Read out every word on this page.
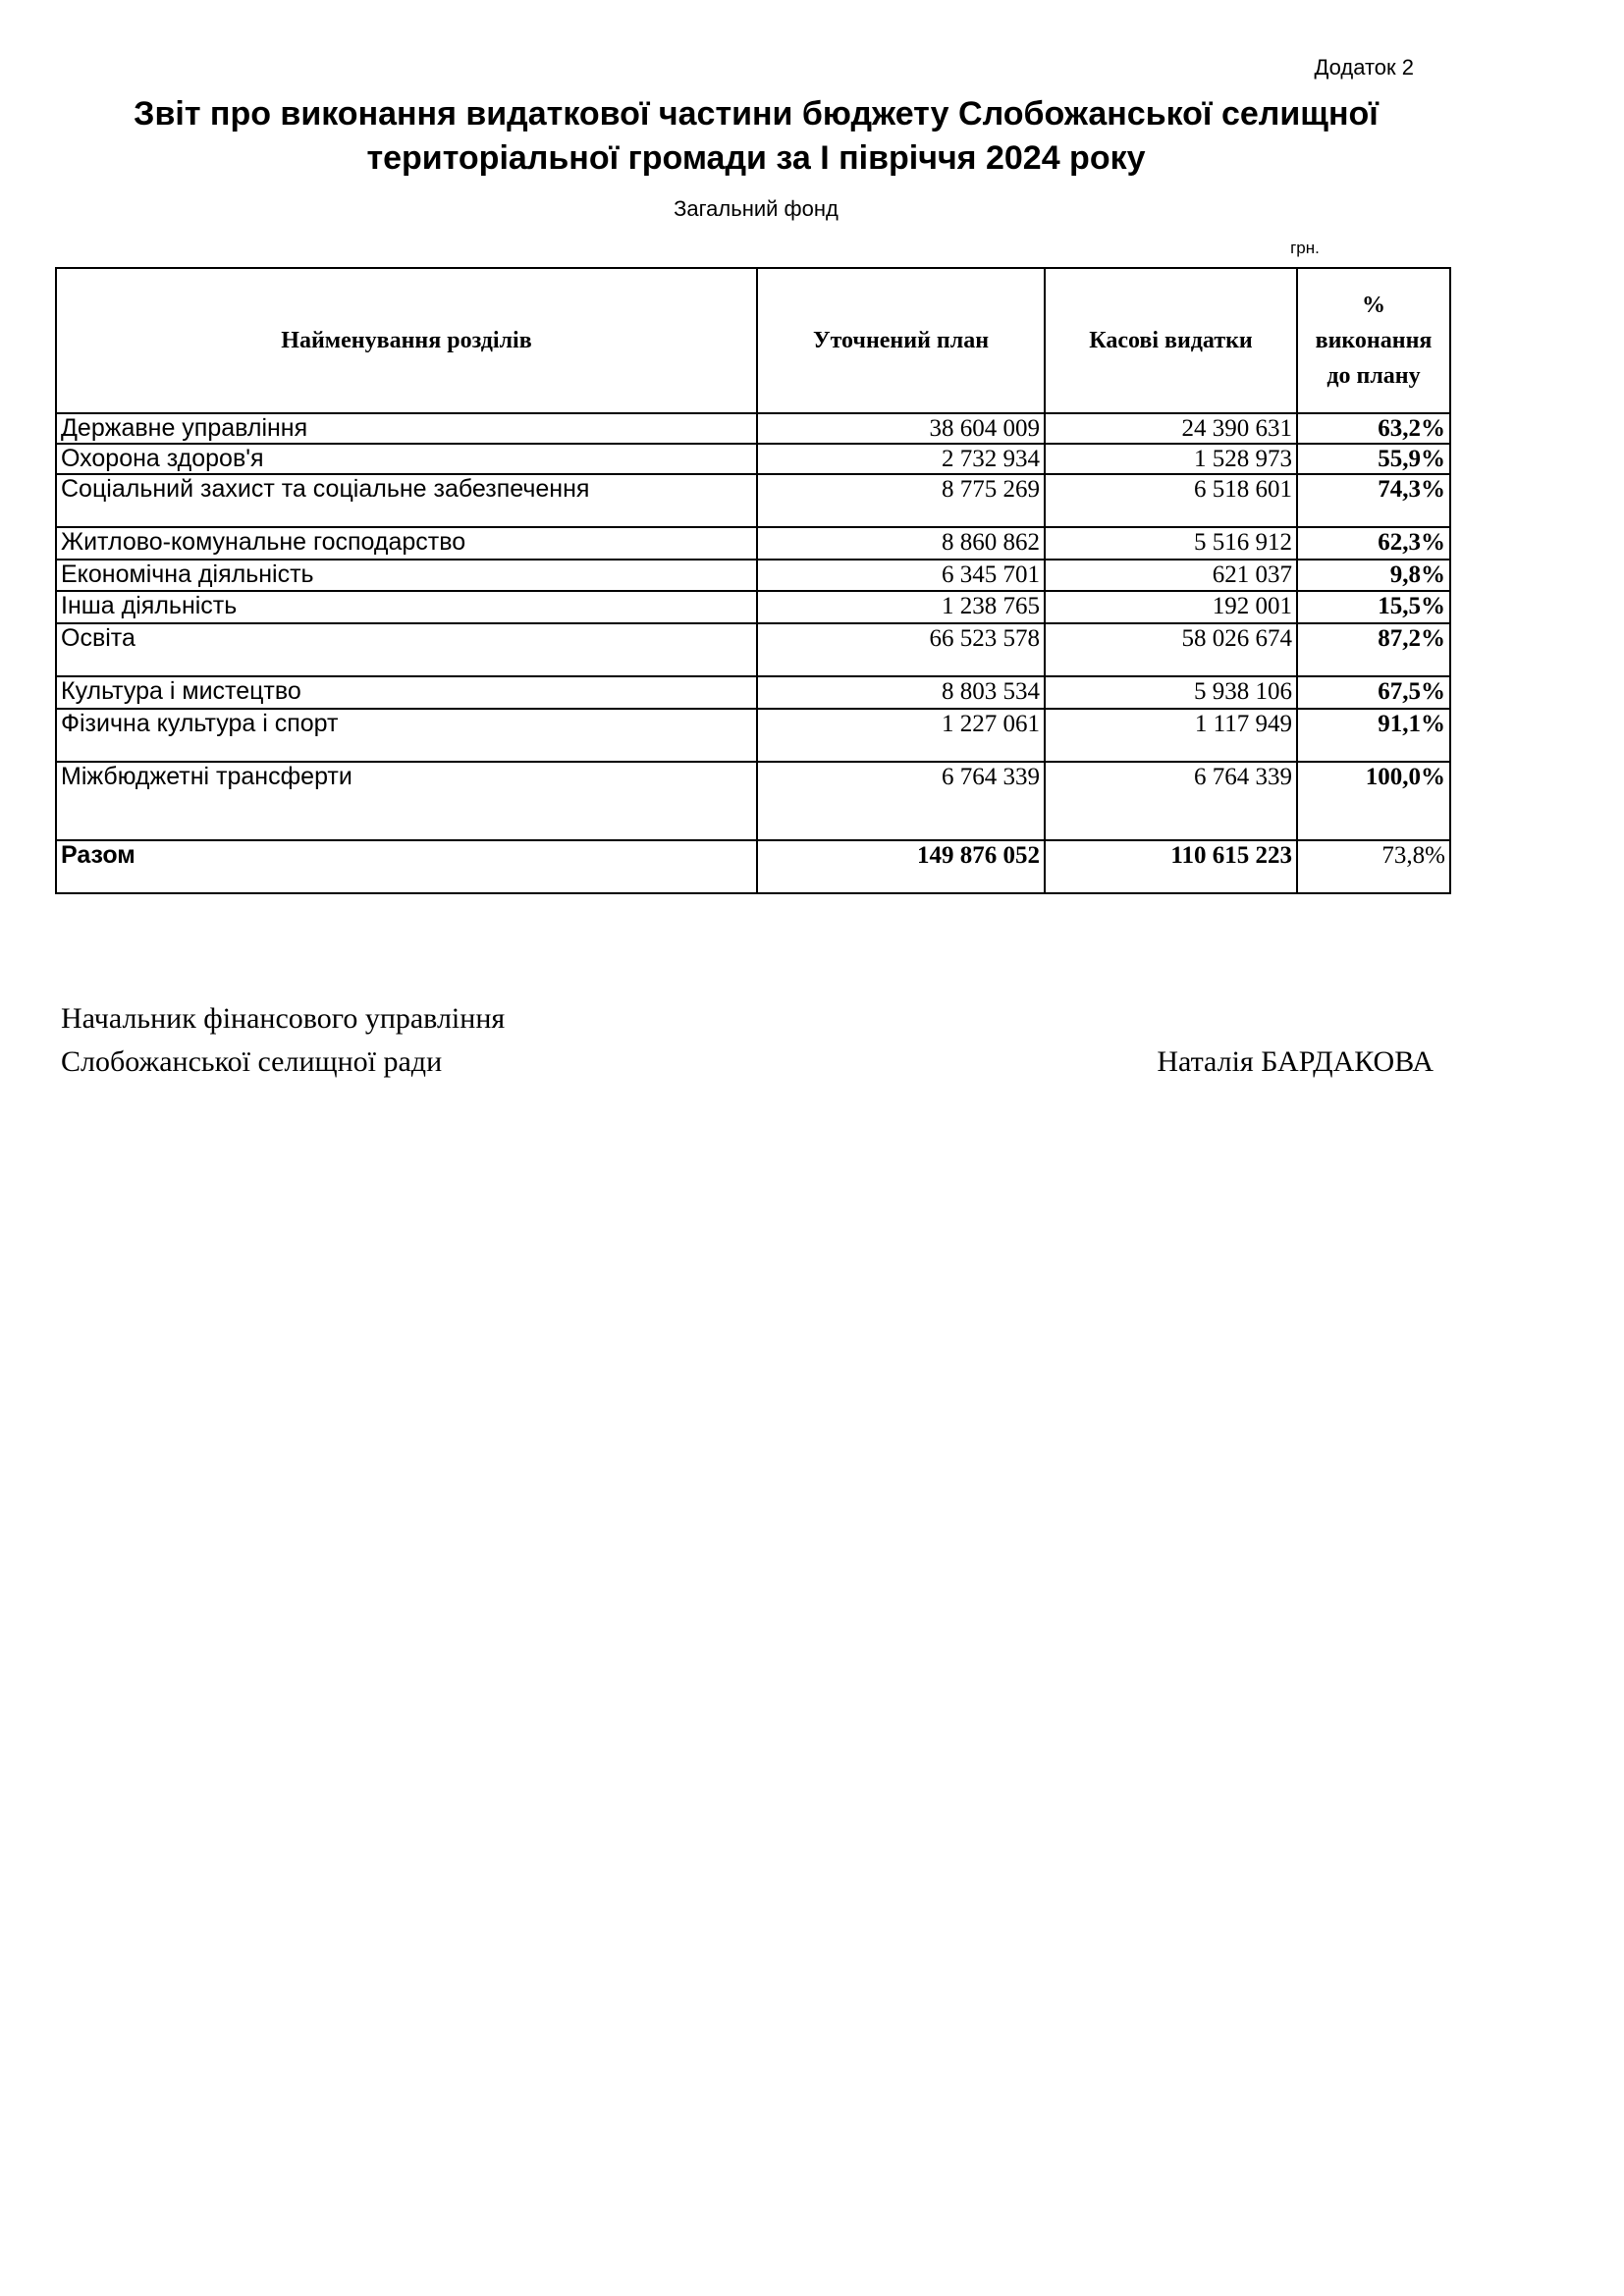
Додаток 2
Звіт про виконання видаткової частини бюджету Слобожанської селищної
територіальної громади за І півріччя 2024 року
Загальний фонд
грн.
Найменування розділів	Уточнений план	Касові видатки	%
виконання
до плану
Державне управління	38 604 009	24 390 631	63,2%
Охорона здоров'я	2 732 934	1 528 973	55,9%
Соціальний захист та соціальне забезпечення	8 775 269	6 518 601	74,3%
Житлово-комунальне господарство	8 860 862	5 516 912	62,3%
Економічна діяльність	6 345 701	621 037	9,8%
Інша діяльність	1 238 765	192 001	15,5%
Освіта	66 523 578	58 026 674	87,2%
Культура і мистецтво	8 803 534	5 938 106	67,5%
Фізична культура і спорт	1 227 061	1 117 949	91,1%
Міжбюджетні трансферти	6 764 339	6 764 339	100,0%
Разом	149 876 052	110 615 223	73,8%
Начальник фінансового управління
Слобожанської селищної ради	Наталія БАРДАКОВА
